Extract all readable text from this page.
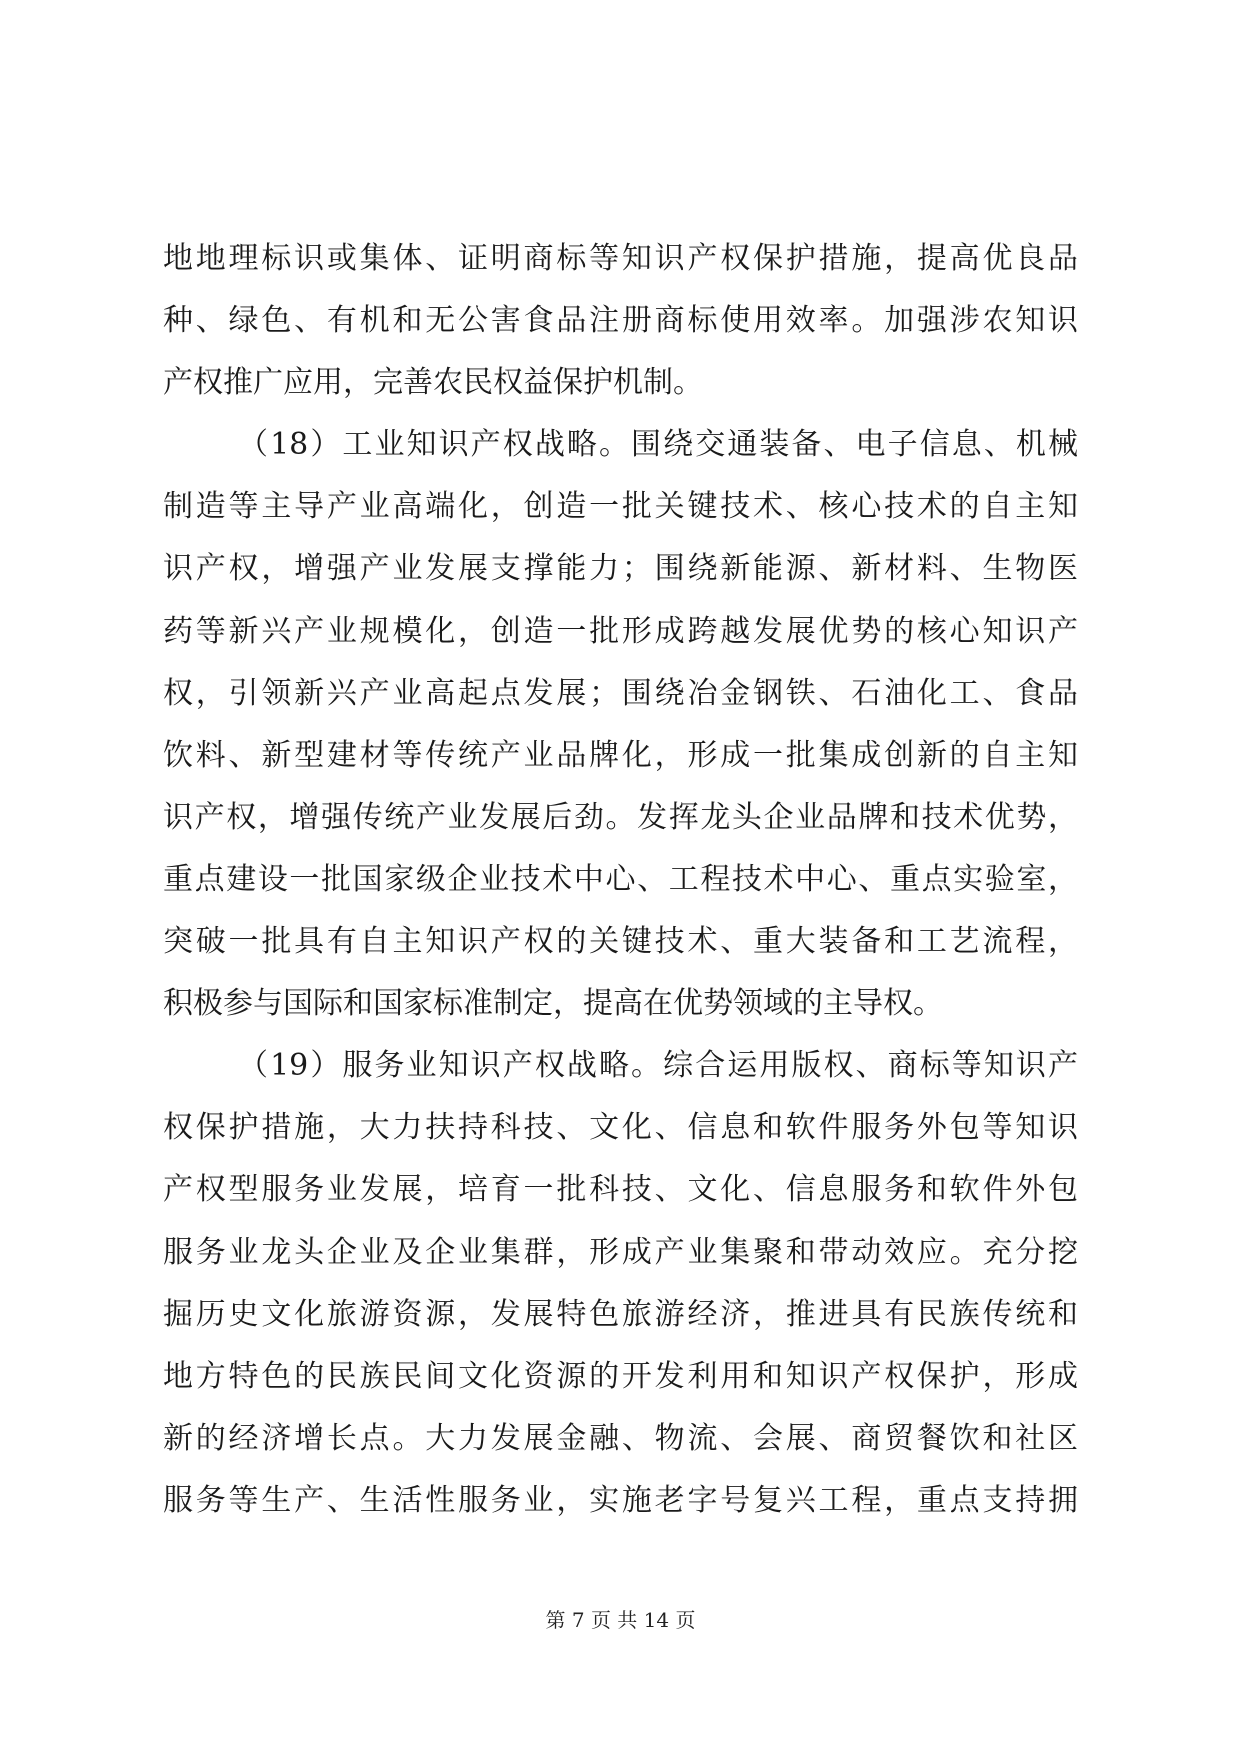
地地理标识或集体、证明商标等知识产权保护措施，提高优良品

种、绿色、有机和无公害食品注册商标使用效率。加强涉农知识

产权推广应用，完善农民权益保护机制。

（18）工业知识产权战略。围绕交通装备、电子信息、机械

制造等主导产业高端化，创造一批关键技术、核心技术的自主知

识产权，增强产业发展支撑能力；围绕新能源、新材料、生物医

药等新兴产业规模化，创造一批形成跨越发展优势的核心知识产

权，引领新兴产业高起点发展；围绕冶金钢铁、石油化工、食品

饮料、新型建材等传统产业品牌化，形成一批集成创新的自主知

识产权，增强传统产业发展后劲。发挥龙头企业品牌和技术优势，

重点建设一批国家级企业技术中心、工程技术中心、重点实验室，

突破一批具有自主知识产权的关键技术、重大装备和工艺流程，

积极参与国际和国家标准制定，提高在优势领域的主导权。

（19）服务业知识产权战略。综合运用版权、商标等知识产

权保护措施，大力扶持科技、文化、信息和软件服务外包等知识

产权型服务业发展，培育一批科技、文化、信息服务和软件外包

服务业龙头企业及企业集群，形成产业集聚和带动效应。充分挖

掘历史文化旅游资源，发展特色旅游经济，推进具有民族传统和

地方特色的民族民间文化资源的开发利用和知识产权保护，形成

新的经济增长点。大力发展金融、物流、会展、商贸餐饮和社区

服务等生产、生活性服务业，实施老字号复兴工程，重点支持拥

第 7 页 共 14 页
